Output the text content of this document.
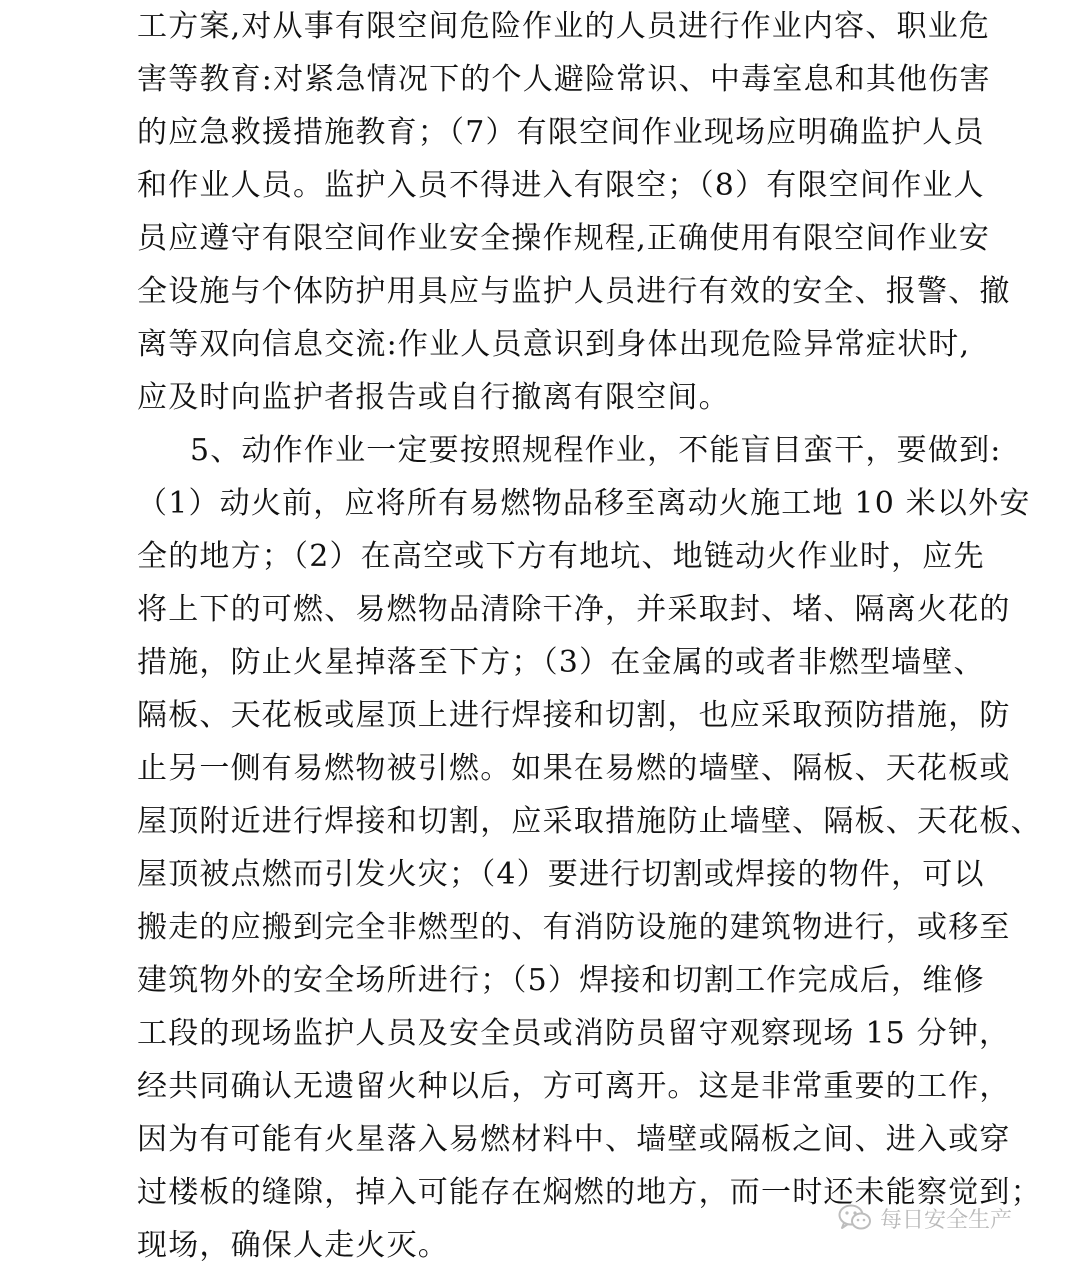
工方案,对从事有限空间危险作业的人员进行作业内容、职业危
害等教育:对紧急情况下的个人避险常识、中毒室息和其他伤害
的应急救援措施教育；（7）有限空间作业现场应明确监护人员
和作业人员。监护入员不得进入有限空；（8）有限空间作业人
员应遵守有限空间作业安全操作规程,正确使用有限空间作业安
全设施与个体防护用具应与监护人员进行有效的安全、报警、撤
离等双向信息交流:作业人员意识到身体出现危险异常症状时,
应及时向监护者报告或自行撤离有限空间。
5、动作作业一定要按照规程作业，不能盲目蛮干，要做到:
（1）动火前，应将所有易燃物品移至离动火施工地 10 米以外安
全的地方；（2）在高空或下方有地坑、地链动火作业时，应先
将上下的可燃、易燃物品清除干净，并采取封、堵、隔离火花的
措施，防止火星掉落至下方；（3）在金属的或者非燃型墙壁、
隔板、天花板或屋顶上进行焊接和切割，也应采取预防措施，防
止另一侧有易燃物被引燃。如果在易燃的墙壁、隔板、天花板或
屋顶附近进行焊接和切割，应采取措施防止墙壁、隔板、天花板、
屋顶被点燃而引发火灾；（4）要进行切割或焊接的物件，可以
搬走的应搬到完全非燃型的、有消防设施的建筑物进行，或移至
建筑物外的安全场所进行；（5）焊接和切割工作完成后，维修
工段的现场监护人员及安全员或消防员留守观察现场 15 分钟，
经共同确认无遗留火种以后，方可离开。这是非常重要的工作，
因为有可能有火星落入易燃材料中、墙壁或隔板之间、进入或穿
过楼板的缝隙，掉入可能存在焖燃的地方，而一时还未能察觉到；
现场，确保人走火灭。
每日安全生产
